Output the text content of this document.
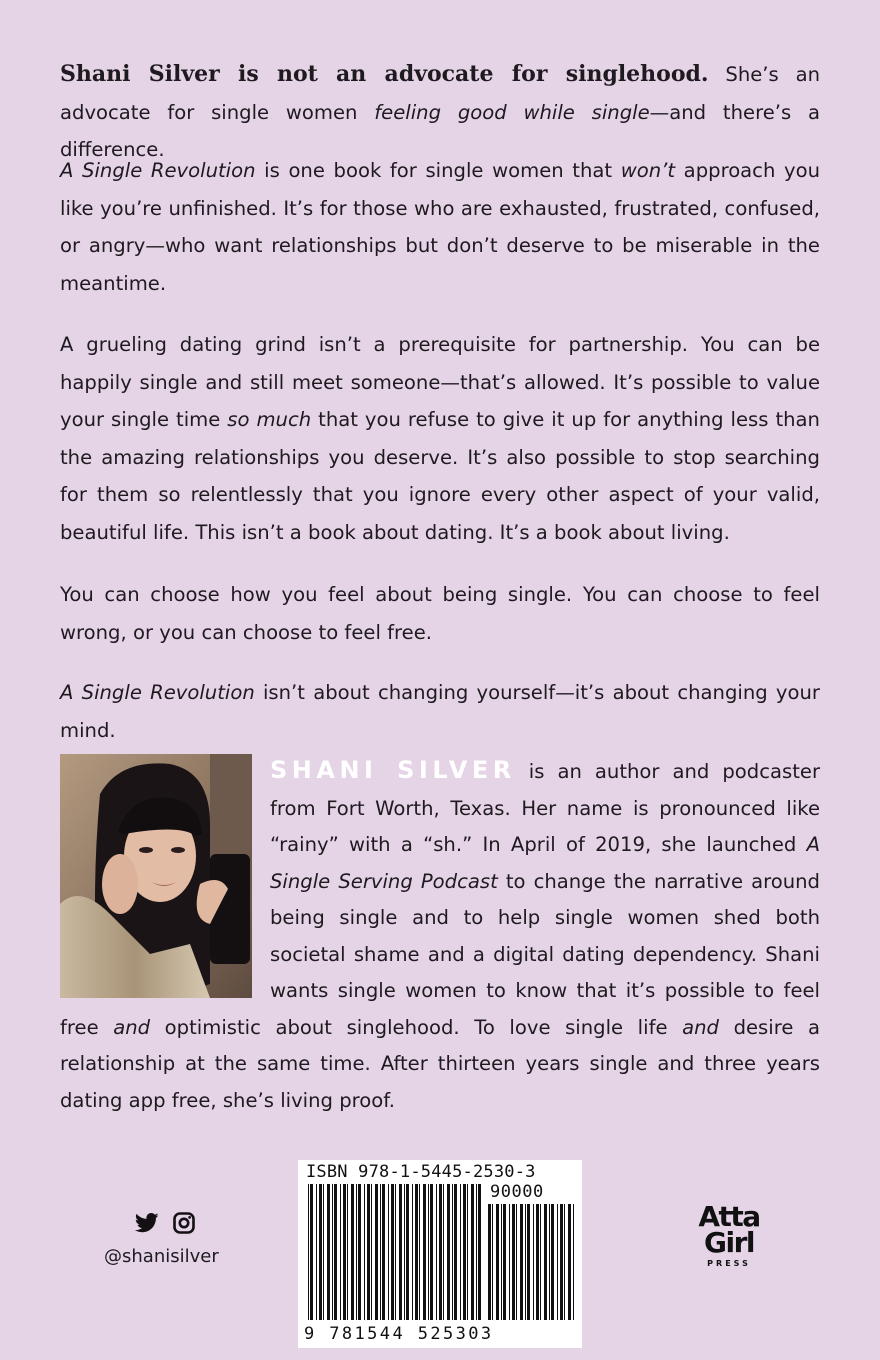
Shani Silver is not an advocate for singlehood. She’s an advocate for single women feeling good while single—and there’s a difference.

A Single Revolution is one book for single women that won’t approach you like you’re unfinished. It’s for those who are exhausted, frustrated, confused, or angry—who want relationships but don’t deserve to be miserable in the meantime.

A grueling dating grind isn’t a prerequisite for partnership. You can be happily single and still meet someone—that’s allowed. It’s possible to value your single time so much that you refuse to give it up for anything less than the amazing relationships you deserve. It’s also possible to stop searching for them so relentlessly that you ignore every other aspect of your valid, beautiful life. This isn’t a book about dating. It’s a book about living.

You can choose how you feel about being single. You can choose to feel wrong, or you can choose to feel free.

A Single Revolution isn’t about changing yourself—it’s about changing your mind.

SHANI SILVER is an author and podcaster from Fort Worth, Texas. Her name is pronounced like “rainy” with a “sh.” In April of 2019, she launched A Single Serving Podcast to change the narrative around being single and to help single women shed both societal shame and a digital dating dependency. Shani wants single women to know that it’s possible to feel free and optimistic about singlehood. To love single life and desire a relationship at the same time. After thirteen years single and three years dating app free, she’s living proof.

@shanisilver
ISBN 978-1-5445-2530-3
90000
9 781544 525303
Atta
Girl
PRESS
